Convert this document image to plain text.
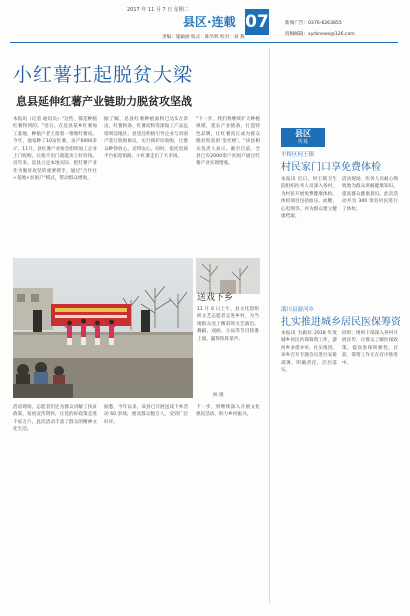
2017 年 11 月 7 日 星期二
县区·连载 07
责编：施颖丽 版式：陈华辉 校对：刘 燕
新闻广告：0376-6263855
投稿邮箱：xyrbnews@126.com
小红薯扛起脱贫大梁
息县延伸红薯产业链助力脱贫攻坚战
本报讯（记者 通讯员）"这些，都是种植红薯得到的。"近日，在息县某乡红薯加工基地，种植户老王指着一堆堆红薯说。今年，他家种了10亩红薯，亩产6000多斤。11月，县红薯产业协会组织加工企业上门收购，让他不出门就能卖上好价钱。近年来，息县立足本地实际，把红薯产业作为脱贫攻坚的重要抓手，通过"合作社+基地+贫困户"模式，带动群众增收。
据了解，息县红薯种植面积已达5万余亩，红薯粉条、红薯淀粉等深加工产品远销周边地区。县里还积极引导企业与贫困户签订收购协议，实行保护价收购，让群众种得放心、卖得安心。同时，依托电商平台拓宽销路，小红薯走出了大市场。
"下一步，我们将继续扩大种植规模，延长产业链条，打造特色品牌，让红薯真正成为群众脱贫致富的'金疙瘩'。"该县相关负责人表示。截至目前，全县已有2000余户贫困户通过红薯产业实现增收。
送戏下乡
11 月 6 日上午，县文化馆组织文艺志愿者走进乡村，为当地群众送上精彩的文艺演出。舞蹈、戏曲、小品等节目轮番上演，赢得阵阵掌声。
杨 摄
活动现场，志愿者们还为群众讲解了扶贫政策，发放宣传资料，让党的好政策走进千家万户。此次活动丰富了群众的精神文化生活。
据悉，今年以来，该县已开展送戏下乡活动 60 余场，惠及群众数万人，受到广泛好评。
下一步，将继续深入开展文化惠民活动，助力乡村振兴。
县区
传真
平桥区何王镇
村民家门口享免费体检
本报讯 近日，何王镇卫生院组织医务人员深入各村，为村民开展免费健康体检。体检项目包括血压、血糖、心电图等，并为群众建立健康档案。
活动现场，医务人员耐心细致地为群众讲解健康知识，提高群众健康意识。此次活动共为 300 余名村民进行了体检。
潢川县游河乡
扎实推进城乡居民医保筹资
本报讯 为做好 2018 年度城乡居民医保筹资工作，游河乡多措并举，扎实推进。该乡召开专题会议进行安排部署，明确责任，层层落实。
同时，组织干部深入各村开展宣传，让群众了解医保政策，提高参保积极性。目前，筹资工作正在有序推进中。
